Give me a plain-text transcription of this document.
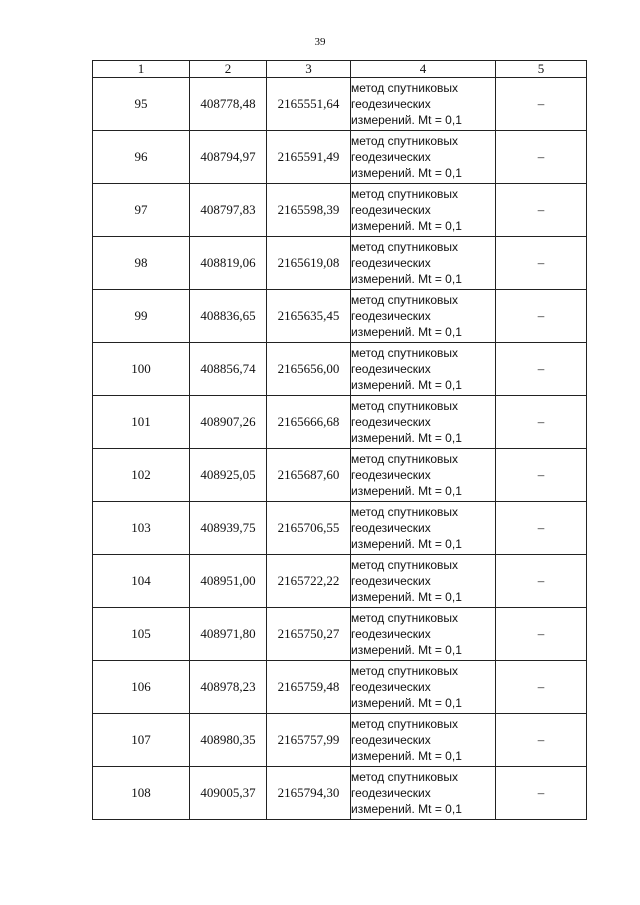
39
1	2	3	4	5
95	408778,48	2165551,64	метод спутниковых
геодезических
измерений. Mt = 0,1	–
96	408794,97	2165591,49	метод спутниковых
геодезических
измерений. Mt = 0,1	–
97	408797,83	2165598,39	метод спутниковых
геодезических
измерений. Mt = 0,1	–
98	408819,06	2165619,08	метод спутниковых
геодезических
измерений. Mt = 0,1	–
99	408836,65	2165635,45	метод спутниковых
геодезических
измерений. Mt = 0,1	–
100	408856,74	2165656,00	метод спутниковых
геодезических
измерений. Mt = 0,1	–
101	408907,26	2165666,68	метод спутниковых
геодезических
измерений. Mt = 0,1	–
102	408925,05	2165687,60	метод спутниковых
геодезических
измерений. Mt = 0,1	–
103	408939,75	2165706,55	метод спутниковых
геодезических
измерений. Mt = 0,1	–
104	408951,00	2165722,22	метод спутниковых
геодезических
измерений. Mt = 0,1	–
105	408971,80	2165750,27	метод спутниковых
геодезических
измерений. Mt = 0,1	–
106	408978,23	2165759,48	метод спутниковых
геодезических
измерений. Mt = 0,1	–
107	408980,35	2165757,99	метод спутниковых
геодезических
измерений. Mt = 0,1	–
108	409005,37	2165794,30	метод спутниковых
геодезических
измерений. Mt = 0,1	–
